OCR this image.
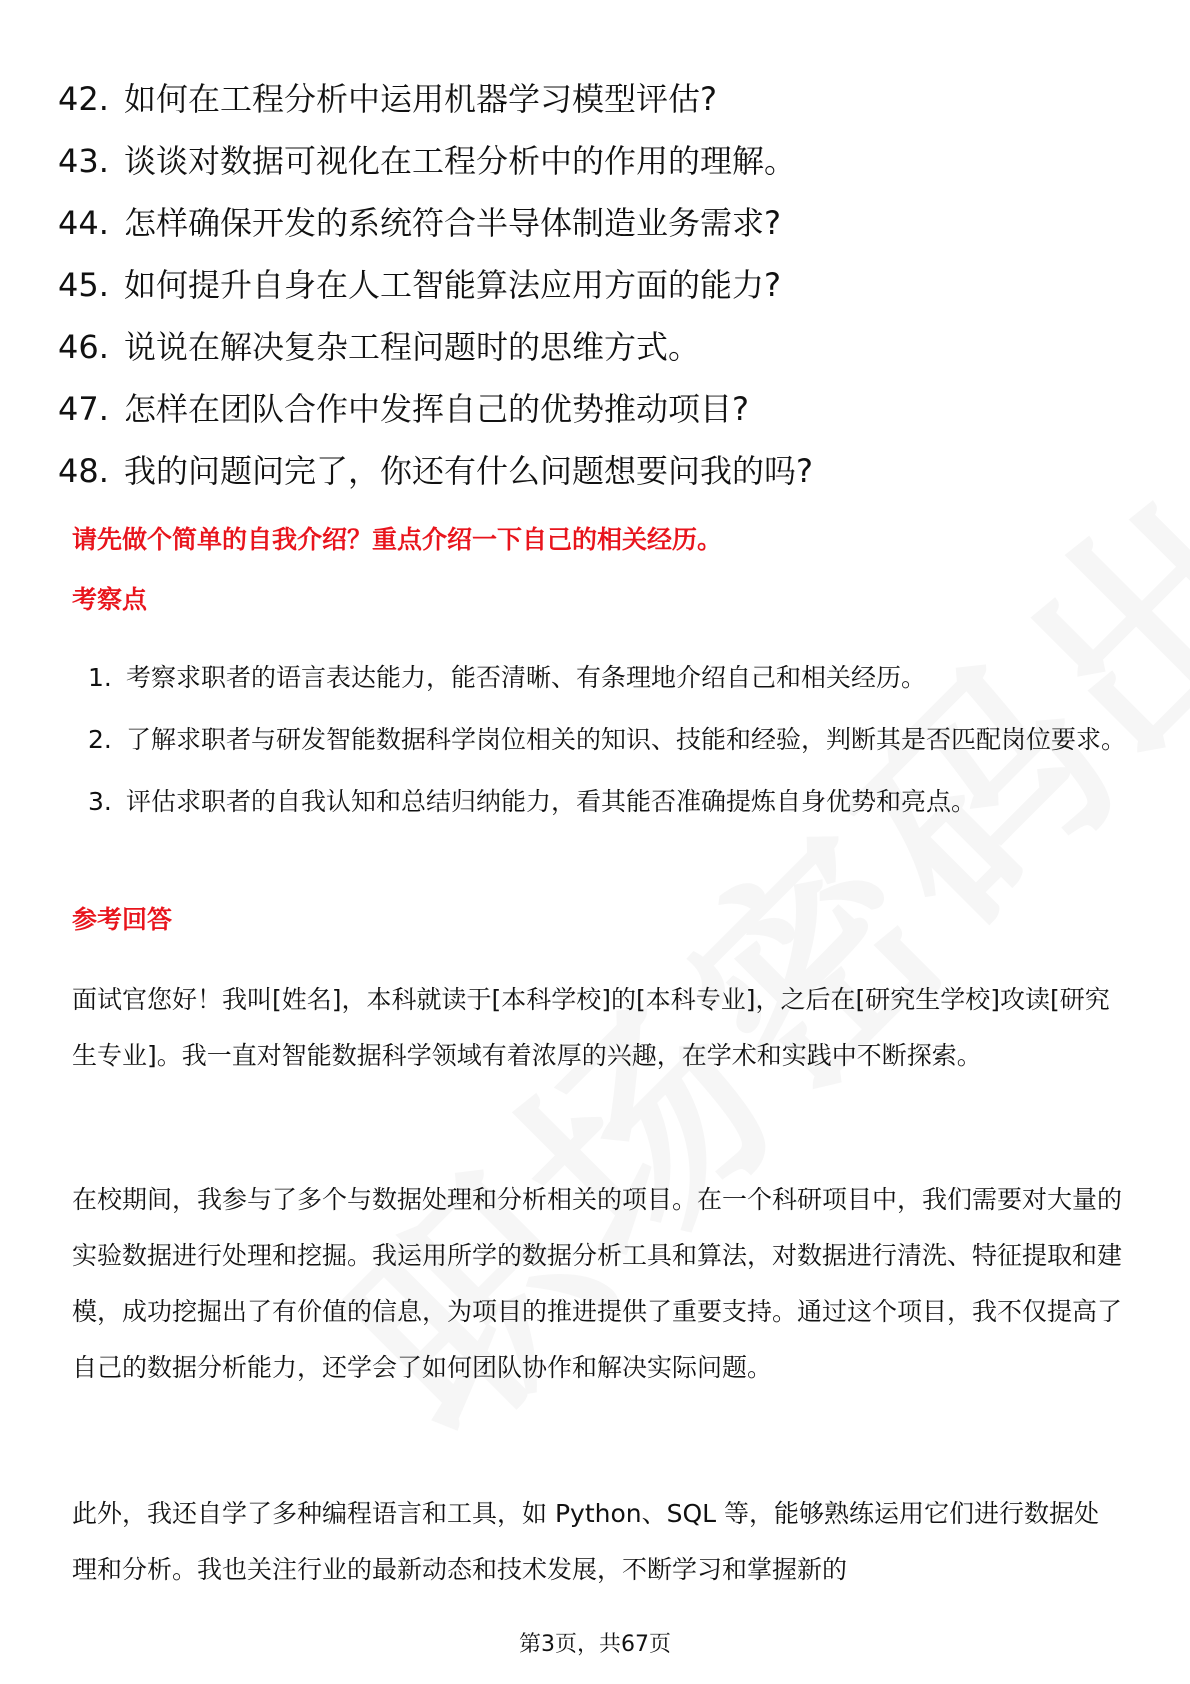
42. 如何在工程分析中运用机器学习模型评估?
43. 谈谈对数据可视化在工程分析中的作用的理解。
44. 怎样确保开发的系统符合半导体制造业务需求?
45. 如何提升自身在人工智能算法应用方面的能力?
46. 说说在解决复杂工程问题时的思维方式。
47. 怎样在团队合作中发挥自己的优势推动项目?
48. 我的问题问完了，你还有什么问题想要问我的吗?
请先做个简单的自我介绍？重点介绍一下自己的相关经历。
考察点
1. 考察求职者的语言表达能力，能否清晰、有条理地介绍自己和相关经历。
2. 了解求职者与研发智能数据科学岗位相关的知识、技能和经验，判断其是否匹配岗位要求。
3. 评估求职者的自我认知和总结归纳能力，看其能否准确提炼自身优势和亮点。
参考回答

面试官您好！我叫[姓名]，本科就读于[本科学校]的[本科专业]，之后在[研究生学校]攻读[研究生专业]。我一直对智能数据科学领域有着浓厚的兴趣，在学术和实践中不断探索。

在校期间，我参与了多个与数据处理和分析相关的项目。在一个科研项目中，我们需要对大量的实验数据进行处理和挖掘。我运用所学的数据分析工具和算法，对数据进行清洗、特征提取和建模，成功挖掘出了有价值的信息，为项目的推进提供了重要支持。通过这个项目，我不仅提高了自己的数据分析能力，还学会了如何团队协作和解决实际问题。

此外，我还自学了多种编程语言和工具，如 Python、SQL 等，能够熟练运用它们进行数据处理和分析。我也关注行业的最新动态和技术发展，不断学习和掌握新的

第3页，共67页
